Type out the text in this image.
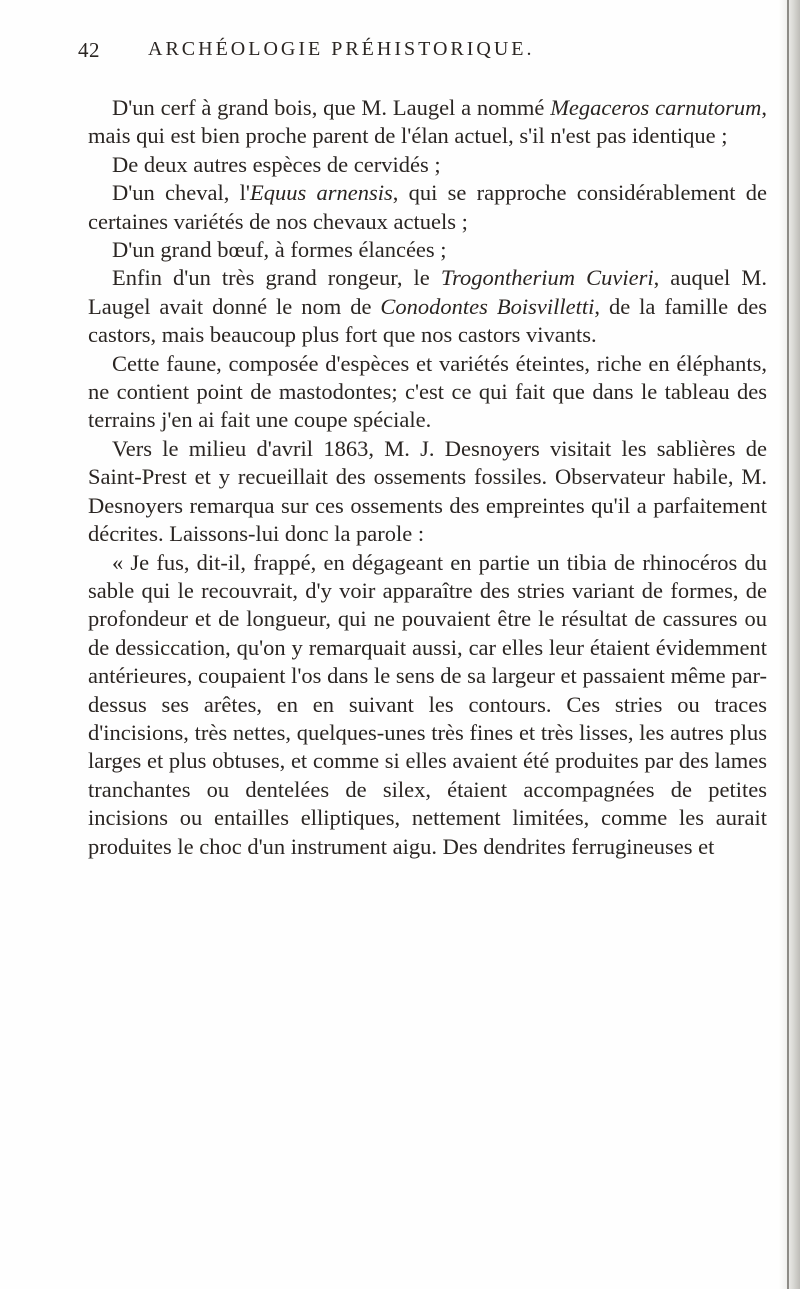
42 ARCHÉOLOGIE PRÉHISTORIQUE.

D'un cerf à grand bois, que M. Laugel a nommé Megaceros carnutorum, mais qui est bien proche parent de l'élan actuel, s'il n'est pas identique ;

De deux autres espèces de cervidés ;

D'un cheval, l'Equus arnensis, qui se rapproche considérablement de certaines variétés de nos chevaux actuels ;

D'un grand bœuf, à formes élancées ;

Enfin d'un très grand rongeur, le Trogontherium Cuvieri, auquel M. Laugel avait donné le nom de Conodontes Boisvilletti, de la famille des castors, mais beaucoup plus fort que nos castors vivants.

Cette faune, composée d'espèces et variétés éteintes, riche en éléphants, ne contient point de mastodontes; c'est ce qui fait que dans le tableau des terrains j'en ai fait une coupe spéciale.

Vers le milieu d'avril 1863, M. J. Desnoyers visitait les sablières de Saint-Prest et y recueillait des ossements fossiles. Observateur habile, M. Desnoyers remarqua sur ces ossements des empreintes qu'il a parfaitement décrites. Laissons-lui donc la parole :

« Je fus, dit-il, frappé, en dégageant en partie un tibia de rhinocéros du sable qui le recouvrait, d'y voir apparaître des stries variant de formes, de profondeur et de longueur, qui ne pouvaient être le résultat de cassures ou de dessiccation, qu'on y remarquait aussi, car elles leur étaient évidemment antérieures, coupaient l'os dans le sens de sa largeur et passaient même par-dessus ses arêtes, en en suivant les contours. Ces stries ou traces d'incisions, très nettes, quelques-unes très fines et très lisses, les autres plus larges et plus obtuses, et comme si elles avaient été produites par des lames tranchantes ou dentelées de silex, étaient accompagnées de petites incisions ou entailles elliptiques, nettement limitées, comme les aurait produites le choc d'un instrument aigu. Des dendrites ferrugineuses et
